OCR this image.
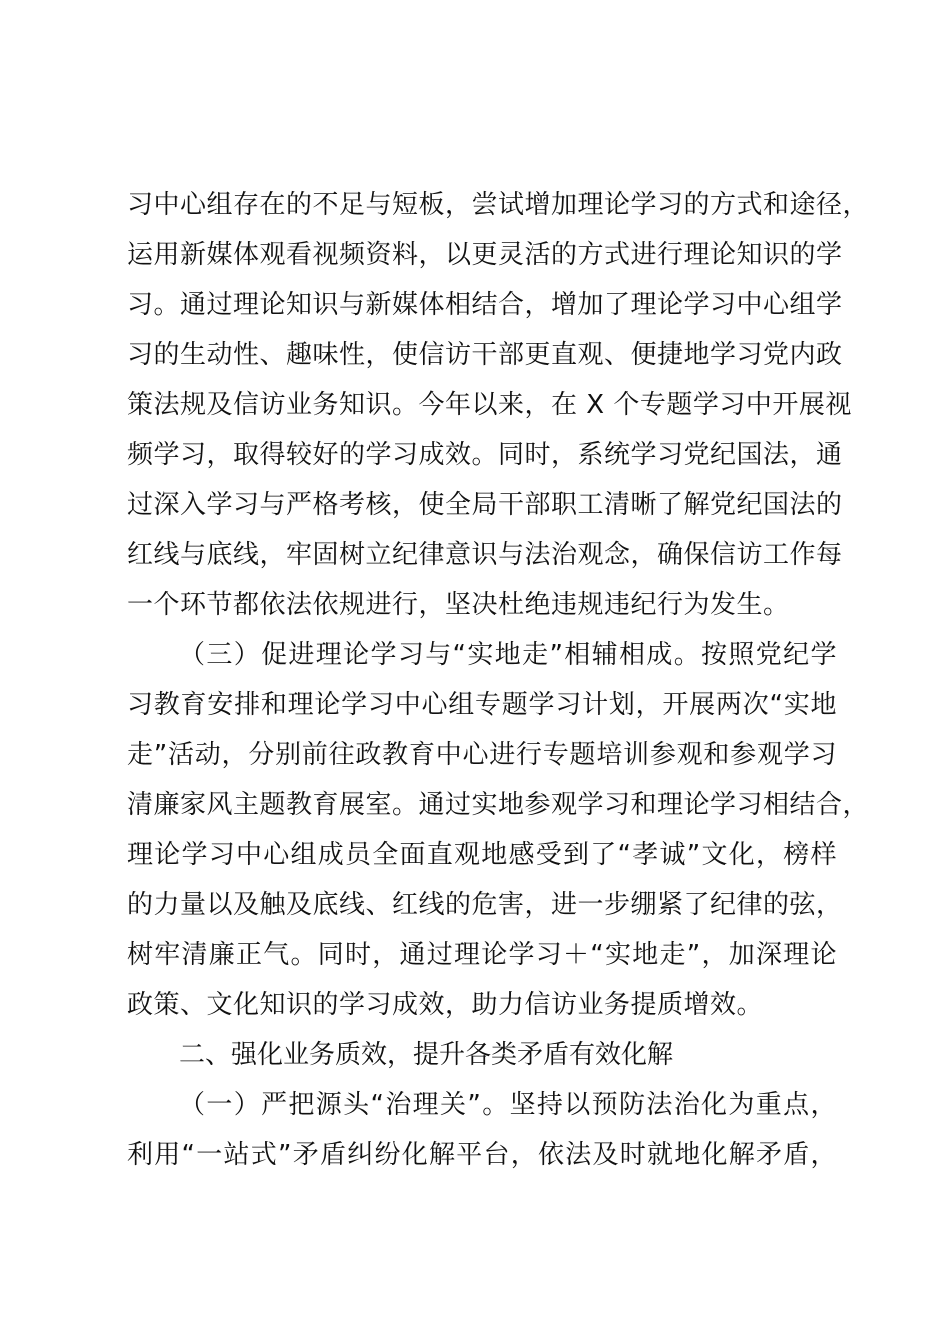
习中心组存在的不足与短板，尝试增加理论学习的方式和途径，
运用新媒体观看视频资料，以更灵活的方式进行理论知识的学
习。通过理论知识与新媒体相结合，增加了理论学习中心组学
习的生动性、趣味性，使信访干部更直观、便捷地学习党内政
策法规及信访业务知识。今年以来，在 X 个专题学习中开展视
频学习，取得较好的学习成效。同时，系统学习党纪国法，通
过深入学习与严格考核，使全局干部职工清晰了解党纪国法的
红线与底线，牢固树立纪律意识与法治观念，确保信访工作每
一个环节都依法依规进行，坚决杜绝违规违纪行为发生。
（三）促进理论学习与“实地走”相辅相成。按照党纪学
习教育安排和理论学习中心组专题学习计划，开展两次“实地
走”活动，分别前往政教育中心进行专题培训参观和参观学习
清廉家风主题教育展室。通过实地参观学习和理论学习相结合，
理论学习中心组成员全面直观地感受到了“孝诚”文化，榜样
的力量以及触及底线、红线的危害，进一步绷紧了纪律的弦，
树牢清廉正气。同时，通过理论学习＋“实地走”，加深理论
政策、文化知识的学习成效，助力信访业务提质增效。
二、强化业务质效，提升各类矛盾有效化解
（一）严把源头“治理关”。坚持以预防法治化为重点，
利用“一站式”矛盾纠纷化解平台，依法及时就地化解矛盾，
